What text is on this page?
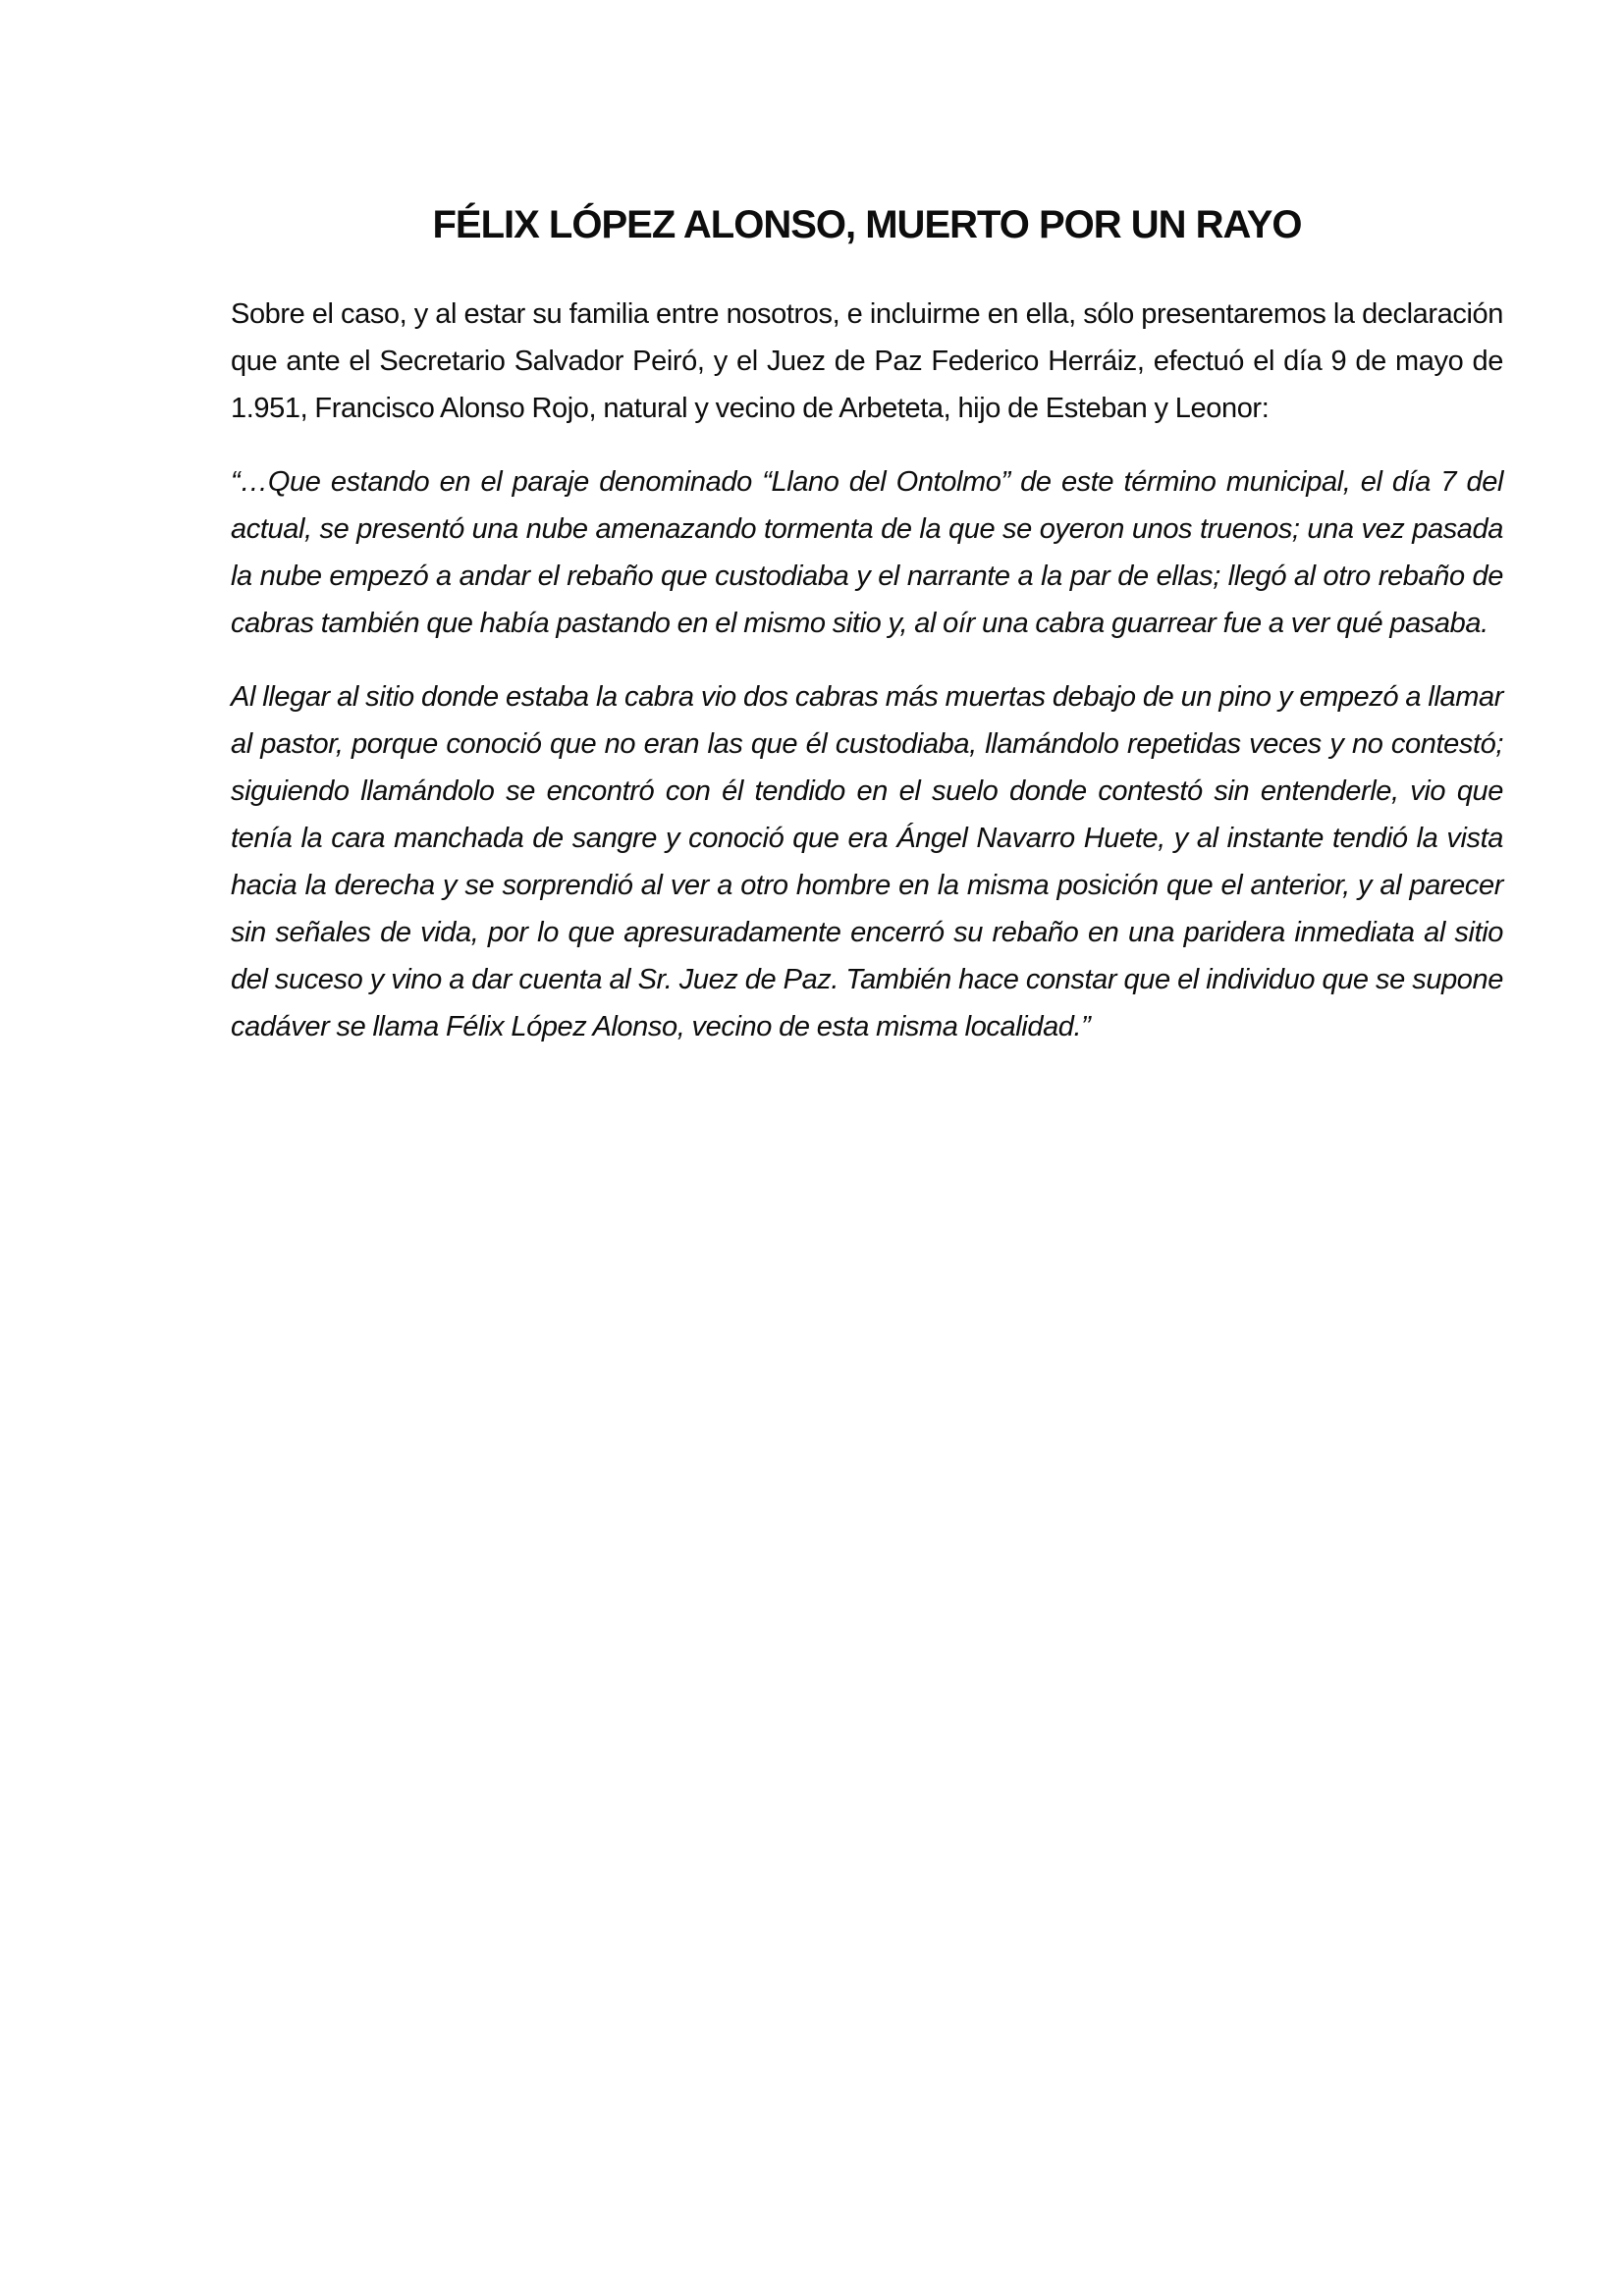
FÉLIX LÓPEZ ALONSO, MUERTO POR UN RAYO

Sobre el caso, y al estar su familia entre nosotros, e incluirme en ella, sólo presentaremos la declaración que ante el Secretario Salvador Peiró, y el Juez de Paz Federico Herráiz, efectuó el día 9 de mayo de 1.951, Francisco Alonso Rojo, natural y vecino de Arbeteta, hijo de Esteban y Leonor:

“…Que estando en el paraje denominado “Llano del Ontolmo” de este término municipal, el día 7 del actual, se presentó una nube amenazando tormenta de la que se oyeron unos truenos; una vez pasada la nube empezó a andar el rebaño que custodiaba y el narrante a la par de ellas; llegó al otro rebaño de cabras también que había pastando en el mismo sitio y, al oír una cabra guarrear fue a ver qué pasaba.

Al llegar al sitio donde estaba la cabra vio dos cabras más muertas debajo de un pino y empezó a llamar al pastor, porque conoció que no eran las que él custodiaba, llamándolo repetidas veces y no contestó; siguiendo llamándolo se encontró con él tendido en el suelo donde contestó sin entenderle, vio que tenía la cara manchada de sangre y conoció que era Ángel Navarro Huete, y al instante tendió la vista hacia la derecha y se sorprendió al ver a otro hombre en la misma posición que el anterior, y al parecer sin señales de vida, por lo que apresuradamente encerró su rebaño en una paridera inmediata al sitio del suceso y vino a dar cuenta al Sr. Juez de Paz. También hace constar que el individuo que se supone cadáver se llama Félix López Alonso, vecino de esta misma localidad.”
